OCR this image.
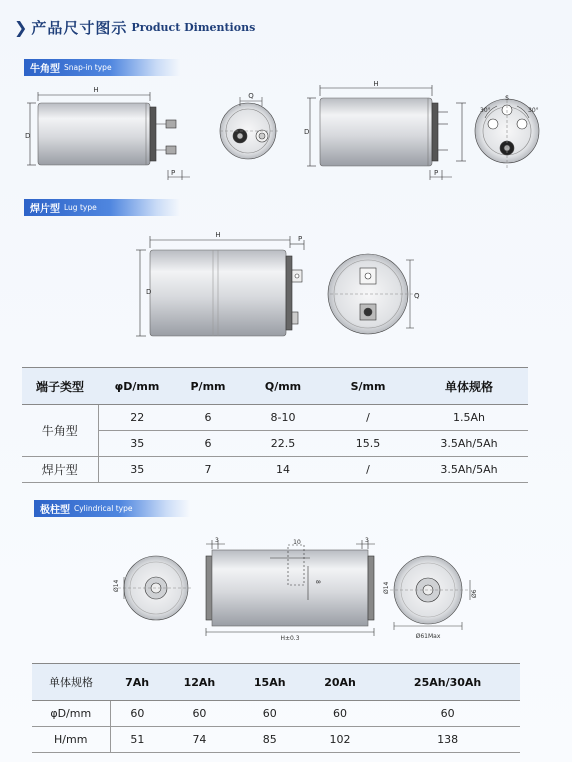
❯ 产品尺寸图示 Product Dimentions
牛角型 Snap-in type
焊片型 Lug type
极柱型 Cylindrical type
H
D
P
Q
H
D
P
30°	30°
S
H
D
P
Q
Ø14
3	3
10
H±0.3
8	Ø14	Ø6
Ø61Max
端子类型	φD/mm	P/mm	Q/mm	S/mm	单体规格
牛角型	22	6	8-10	/	1.5Ah
	35	6	22.5	15.5	3.5Ah/5Ah
焊片型	35	7	14	/	3.5Ah/5Ah
单体规格	7Ah	12Ah	15Ah	20Ah	25Ah/30Ah
φD/mm	60	60	60	60	60
H/mm	51	74	85	102	138
